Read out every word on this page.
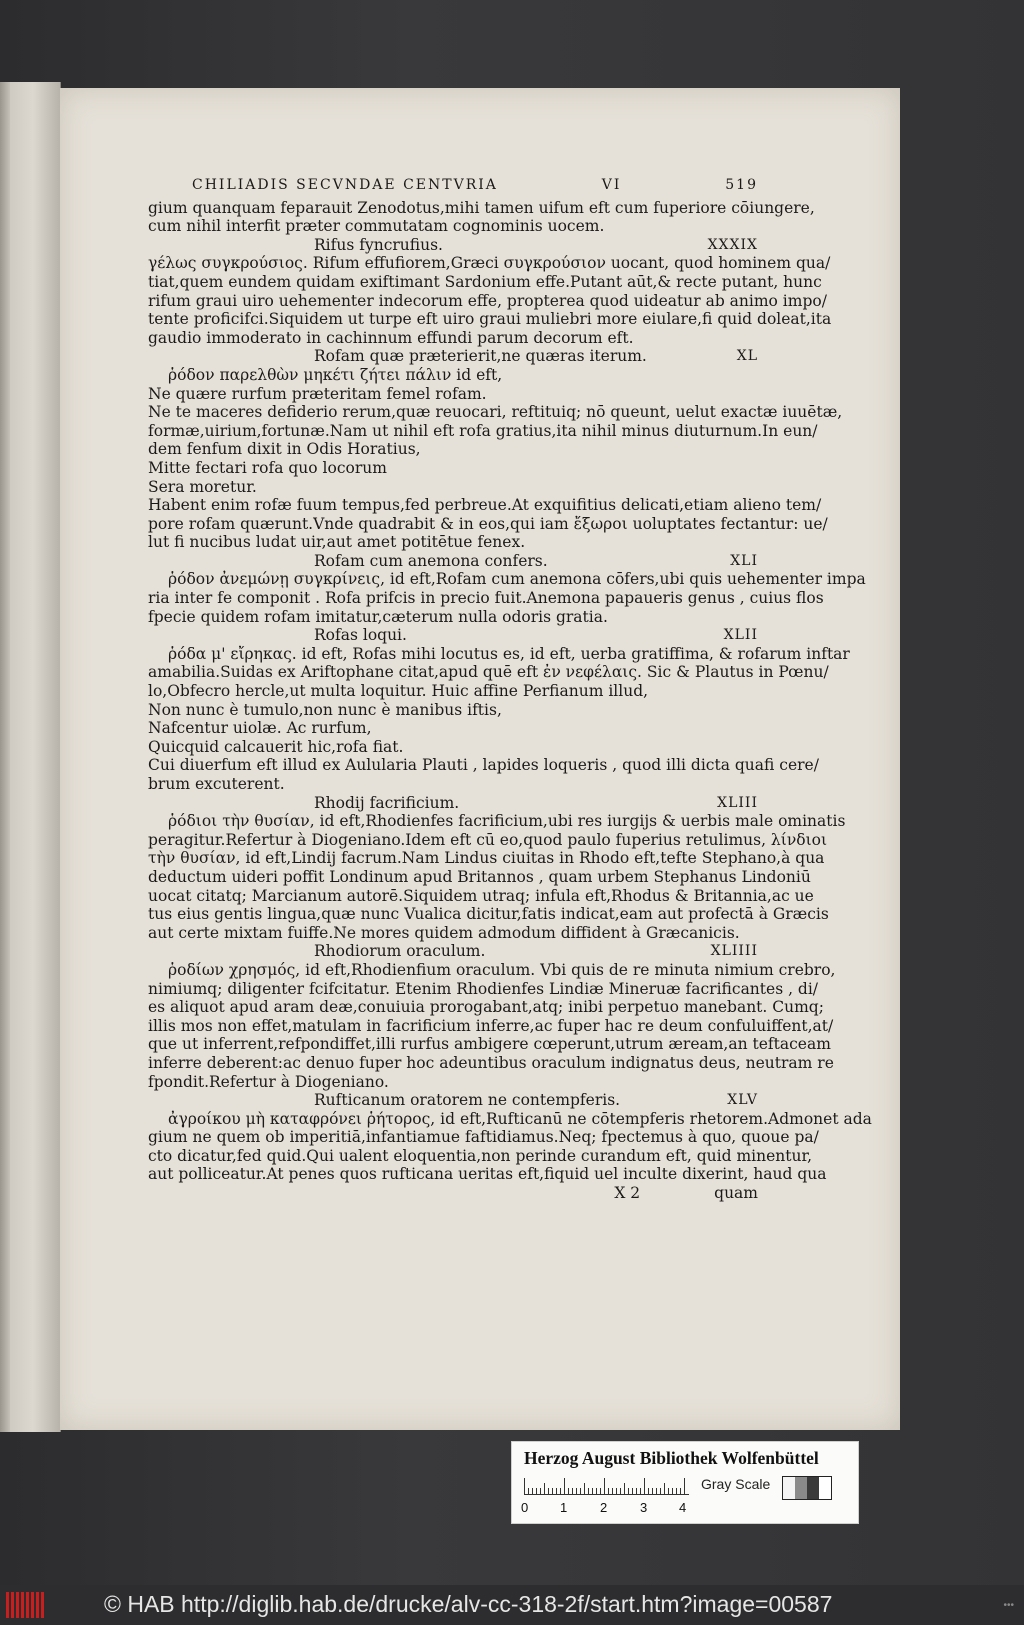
CHILIADIS SECVNDAE CENTVRIA	VI	519
gium quanquam feparauit Zenodotus,mihi tamen uifum eft cum fuperiore cōiungere,
cum nihil interfit præter commutatam cognominis uocem.
Rifus fyncrufius.	XXXIX
γέλως συγκρούσιος. Rifum effufiorem,Græci συγκρούσιον uocant, quod hominem qua/
tiat,quem eundem quidam exiftimant Sardonium effe.Putant aūt,& recte putant, hunc
rifum graui uiro uehementer indecorum effe, propterea quod uideatur ab animo impo/
tente proficifci.Siquidem ut turpe eft uiro graui muliebri more eiulare,fi quid doleat,ita
gaudio immoderato in cachinnum effundi parum decorum eft.
Rofam quæ præterierit,ne quæras iterum.	XL
ῥόδον παρελθὼν μηκέτι ζήτει πάλιν id eft,
Ne quære rurfum præteritam femel rofam.
Ne te maceres defiderio rerum,quæ reuocari, reftituiq; nō queunt, uelut exactæ iuuētæ,
formæ,uirium,fortunæ.Nam ut nihil eft rofa gratius,ita nihil minus diuturnum.In eun/
dem fenfum dixit in Odis Horatius,
Mitte fectari rofa quo locorum
Sera moretur.
Habent enim rofæ fuum tempus,fed perbreue.At exquifitius delicati,etiam alieno tem/
pore rofam quærunt.Vnde quadrabit & in eos,qui iam ἔξωροι uoluptates fectantur: ue/
lut fi nucibus ludat uir,aut amet potitētue fenex.
Rofam cum anemona confers.	XLI
ῥόδον ἀνεμώνῃ συγκρίνεις, id eft,Rofam cum anemona cōfers,ubi quis uehementer impa
ria inter fe componit . Rofa prifcis in precio fuit.Anemona papaueris genus , cuius flos
fpecie quidem rofam imitatur,cæterum nulla odoris gratia.
Rofas loqui.	XLII
ῥόδα μ' εἴρηκας. id eft, Rofas mihi locutus es, id eft, uerba gratiffima, & rofarum inftar
amabilia.Suidas ex Ariftophane citat,apud quē eft ἐν νεφέλαις. Sic & Plautus in Pœnu/
lo,Obfecro hercle,ut multa loquitur. Huic affine Perfianum illud,
Non nunc è tumulo,non nunc è manibus iftis,
Nafcentur uiolæ. Ac rurfum,
Quicquid calcauerit hic,rofa fiat.
Cui diuerfum eft illud ex Aulularia Plauti , lapides loqueris , quod illi dicta quafi cere/
brum excuterent.
Rhodij facrificium.	XLIII
ῥόδιοι τὴν θυσίαν, id eft,Rhodienfes facrificium,ubi res iurgijs & uerbis male ominatis
peragitur.Refertur à Diogeniano.Idem eft cū eo,quod paulo fuperius retulimus, λίνδιοι
τὴν θυσίαν, id eft,Lindij facrum.Nam Lindus ciuitas in Rhodo eft,tefte Stephano,à qua
deductum uideri poffit Londinum apud Britannos , quam urbem Stephanus Lindoniū
uocat citatq; Marcianum autorē.Siquidem utraq; infula eft,Rhodus & Britannia,ac ue
tus eius gentis lingua,quæ nunc Vualica dicitur,fatis indicat,eam aut profectā à Græcis
aut certe mixtam fuiffe.Ne mores quidem admodum diffident à Græcanicis.
Rhodiorum oraculum.	XLIIII
ῥοδίων χρησμός, id eft,Rhodienfium oraculum. Vbi quis de re minuta nimium crebro,
nimiumq; diligenter fcifcitatur. Etenim Rhodienfes Lindiæ Mineruæ facrificantes , di/
es aliquot apud aram deæ,conuiuia prorogabant,atq; inibi perpetuo manebant. Cumq;
illis mos non effet,matulam in facrificium inferre,ac fuper hac re deum confuluiffent,at/
que ut inferrent,refpondiffet,illi rurfus ambigere cœperunt,utrum æream,an teftaceam
inferre deberent:ac denuo fuper hoc adeuntibus oraculum indignatus deus, neutram re
fpondit.Refertur à Diogeniano.
Rufticanum oratorem ne contempferis.	XLV
ἀγροίκου μὴ καταφρόνει ῥήτορος, id eft,Rufticanū ne cōtempferis rhetorem.Admonet ada
gium ne quem ob imperitiā,infantiamue faftidiamus.Neq; fpectemus à quo, quoue pa/
cto dicatur,fed quid.Qui ualent eloquentia,non perinde curandum eft, quid minentur,
aut polliceatur.At penes quos rufticana ueritas eft,fiquid uel inculte dixerint, haud qua
X 2	quam
Herzog August Bibliothek Wolfenbüttel
0 1	2	3 4
Gray Scale
© HAB http://diglib.hab.de/drucke/alv-cc-318-2f/start.htm?image=00587	•••
